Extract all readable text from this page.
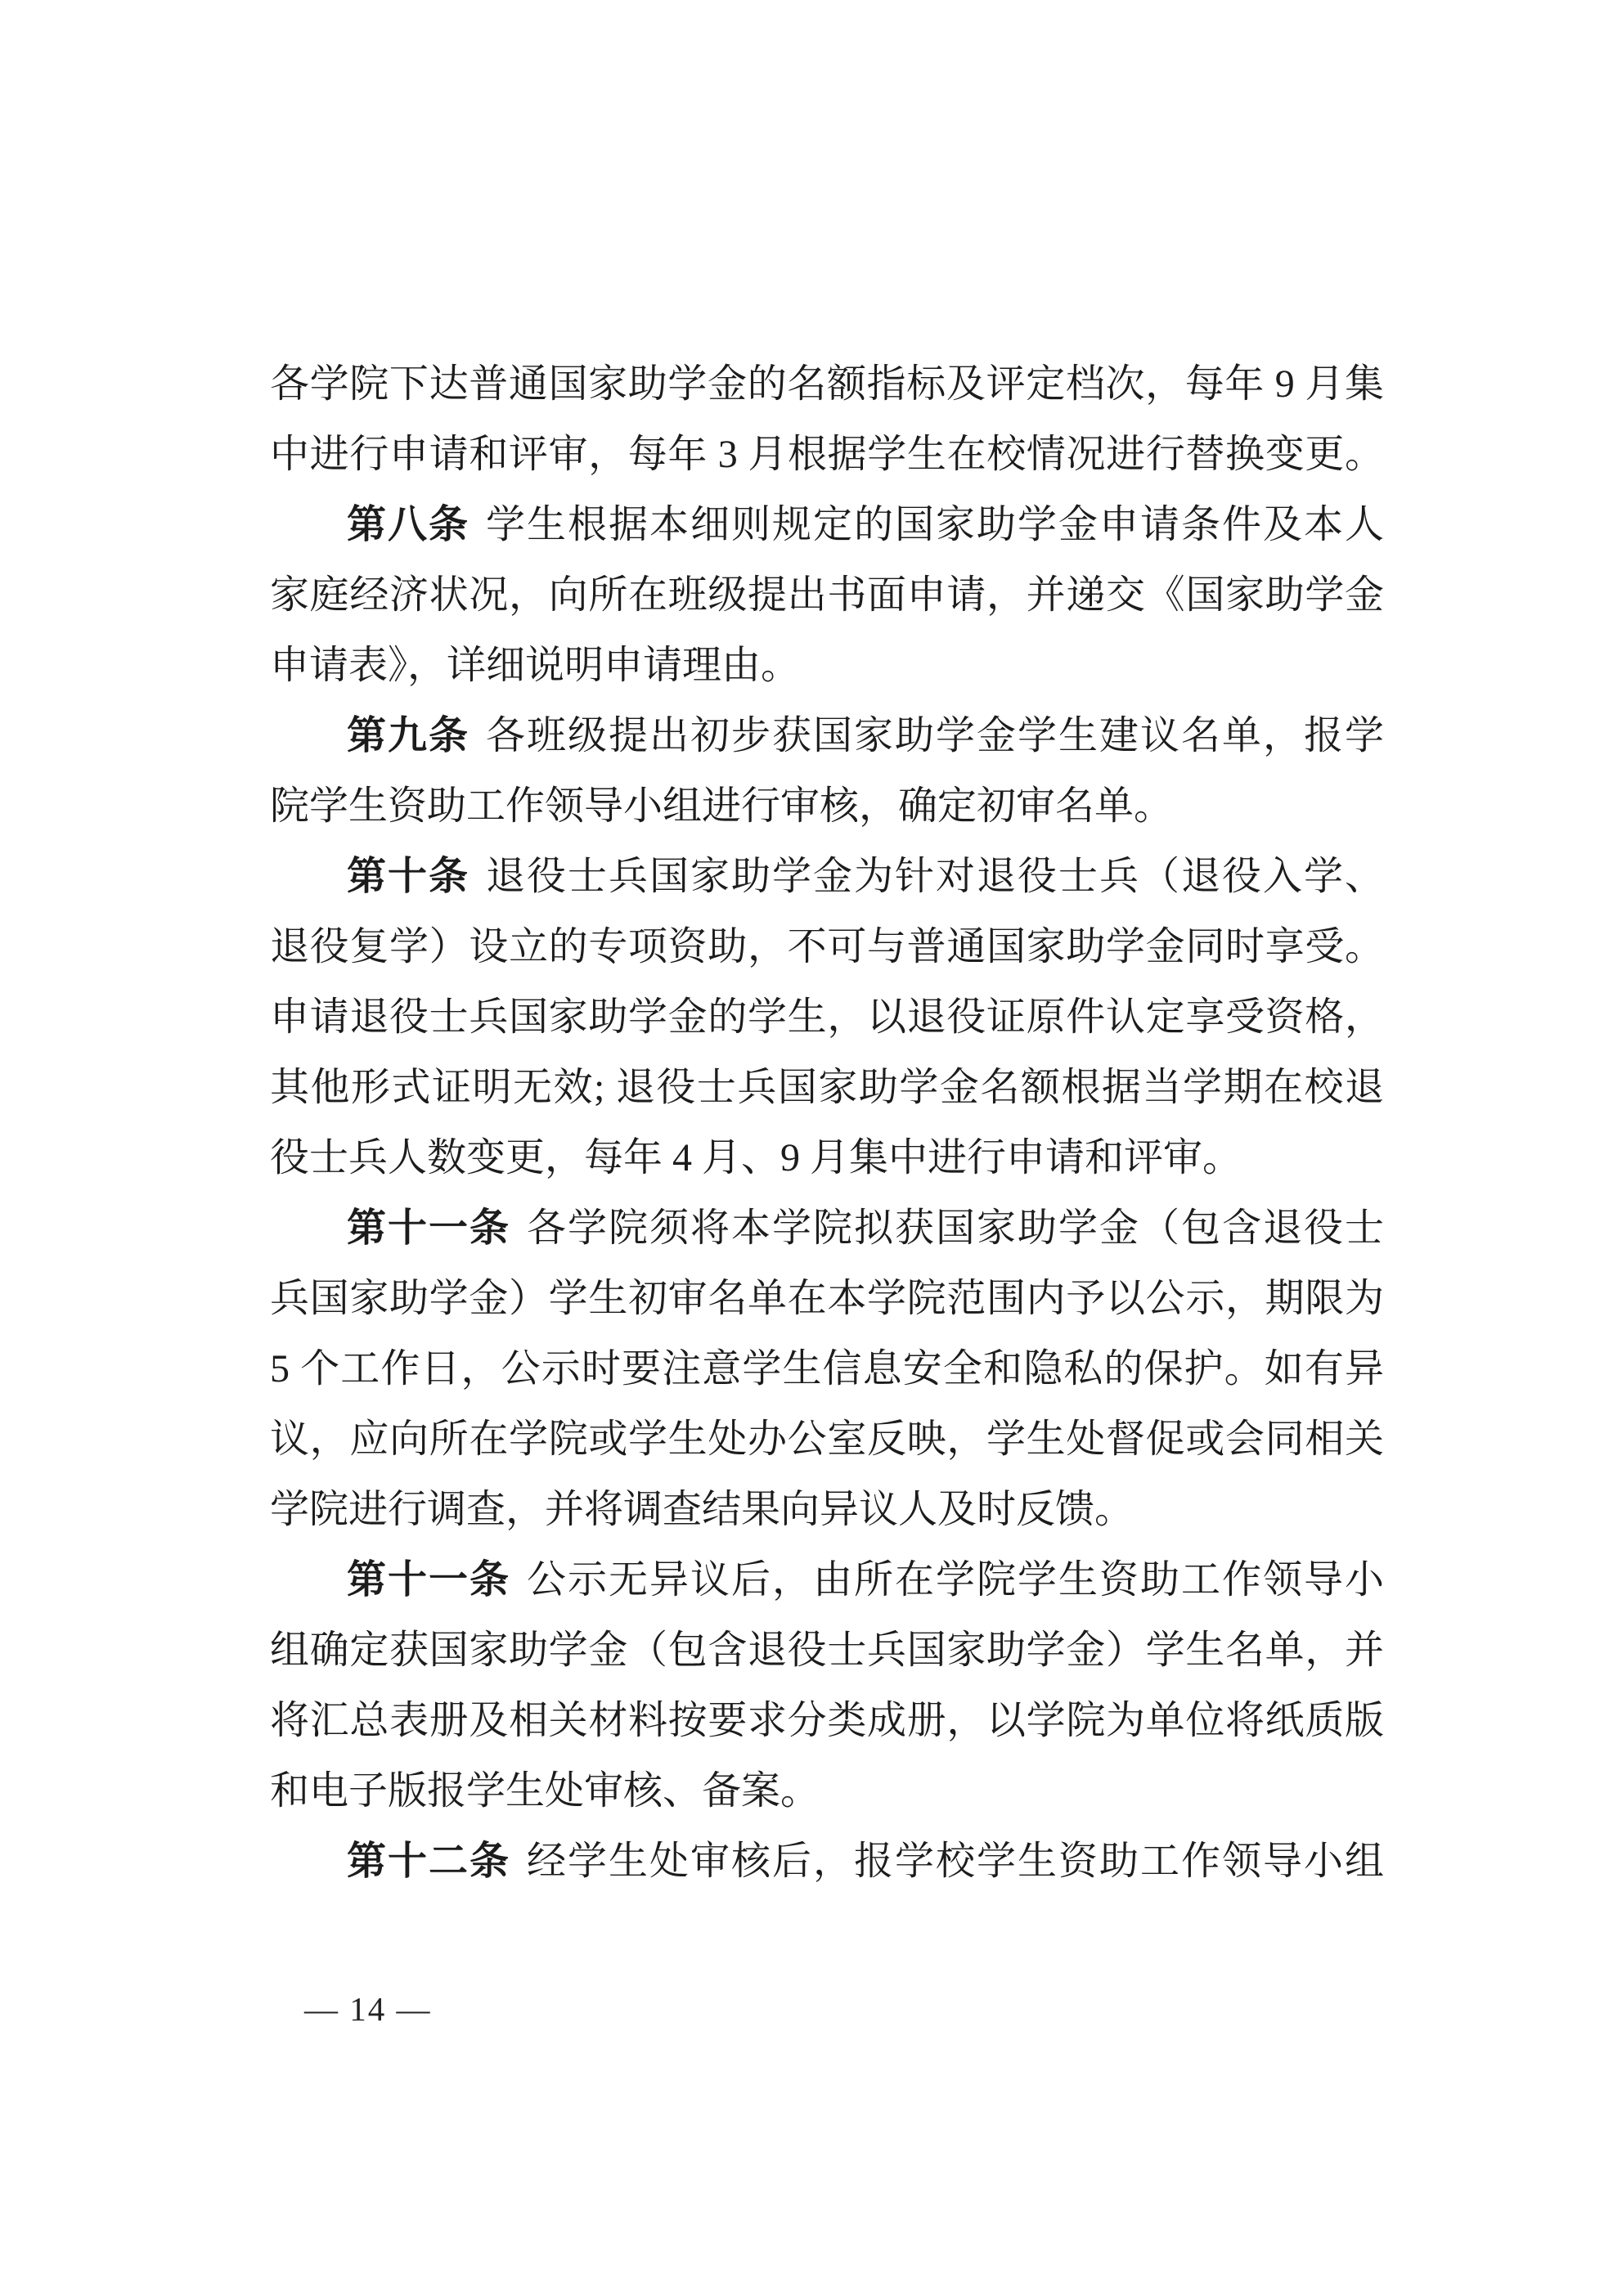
各学院下达普通国家助学金的名额指标及评定档次，每年 9 月集
中进行申请和评审，每年 3 月根据学生在校情况进行替换变更。
第八条 学生根据本细则规定的国家助学金申请条件及本人
家庭经济状况，向所在班级提出书面申请，并递交《国家助学金
申请表》，详细说明申请理由。
第九条 各班级提出初步获国家助学金学生建议名单，报学
院学生资助工作领导小组进行审核，确定初审名单。
第十条 退役士兵国家助学金为针对退役士兵（退役入学、
退役复学）设立的专项资助，不可与普通国家助学金同时享受。
申请退役士兵国家助学金的学生，以退役证原件认定享受资格，
其他形式证明无效; 退役士兵国家助学金名额根据当学期在校退
役士兵人数变更，每年 4 月、9 月集中进行申请和评审。
第十一条 各学院须将本学院拟获国家助学金（包含退役士
兵国家助学金）学生初审名单在本学院范围内予以公示，期限为
5 个工作日，公示时要注意学生信息安全和隐私的保护。如有异
议，应向所在学院或学生处办公室反映，学生处督促或会同相关
学院进行调查，并将调查结果向异议人及时反馈。
第十一条 公示无异议后，由所在学院学生资助工作领导小
组确定获国家助学金（包含退役士兵国家助学金）学生名单，并
将汇总表册及相关材料按要求分类成册，以学院为单位将纸质版
和电子版报学生处审核、备案。
第十二条 经学生处审核后，报学校学生资助工作领导小组
— 14 —
